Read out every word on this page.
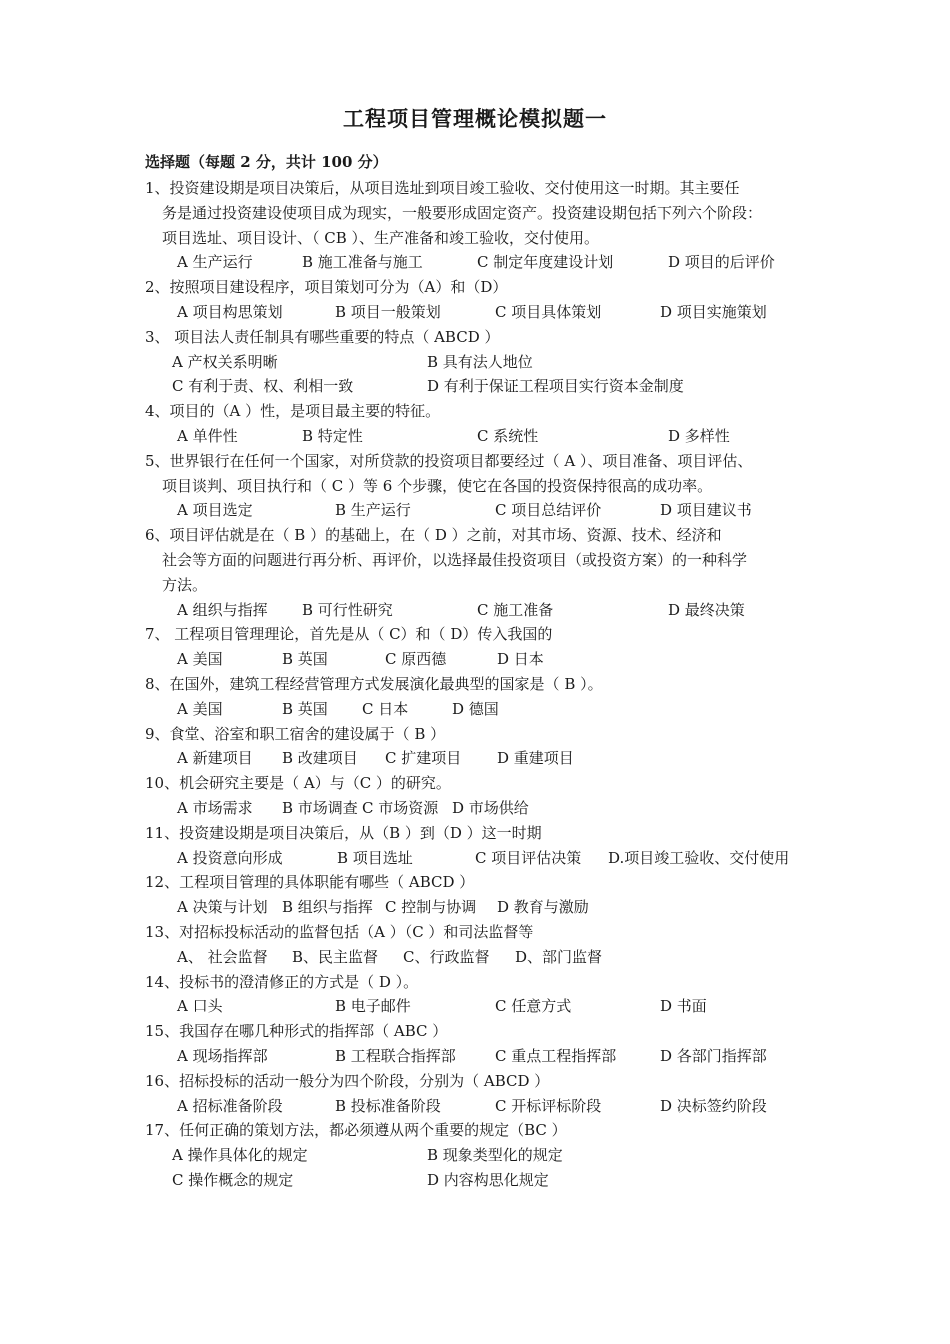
工程项目管理概论模拟题一
选择题（每题 2 分，共计 100 分）
1、投资建设期是项目决策后，从项目选址到项目竣工验收、交付使用这一时期。其主要任
务是通过投资建设使项目成为现实，一般要形成固定资产。投资建设期包括下列六个阶段：
项目选址、项目设计、（ CB ）、生产准备和竣工验收，交付使用。
A 生产运行	B 施工准备与施工	C 制定年度建设计划	D 项目的后评价
2、按照项目建设程序，项目策划可分为（A）和（D）
A 项目构思策划	B 项目一般策划	C 项目具体策划	D 项目实施策划
3、 项目法人责任制具有哪些重要的特点（ ABCD ）
A 产权关系明晰	B 具有法人地位
C 有利于责、权、利相一致	D 有利于保证工程项目实行资本金制度
4、项目的（A ）性，是项目最主要的特征。
A 单件性	B 特定性	C 系统性	D 多样性
5、世界银行在任何一个国家，对所贷款的投资项目都要经过（ A ）、项目准备、项目评估、
项目谈判、项目执行和（ C ）等 6 个步骤，使它在各国的投资保持很高的成功率。
A 项目选定	B 生产运行	C 项目总结评价	D 项目建议书
6、项目评估就是在（ B ）的基础上，在（ D ）之前，对其市场、资源、技术、经济和
社会等方面的问题进行再分析、再评价，以选择最佳投资项目（或投资方案）的一种科学
方法。
A 组织与指挥 B 可行性研究	C 施工准备	D 最终决策
7、 工程项目管理理论，首先是从（ C）和（ D）传入我国的
A 美国	B 英国	C 原西德	D 日本
8、在国外，建筑工程经营管理方式发展演化最典型的国家是（ B ）。
A 美国	B 英国 C 日本	D 德国
9、食堂、浴室和职工宿舍的建设属于（ B ）
A 新建项目 B 改建项目 C 扩建项目 D 重建项目
10、机会研究主要是（ A）与（C ）的研究。
A 市场需求 B 市场调查 C 市场资源 D 市场供给
11、投资建设期是项目决策后，从（B ）到（D ）这一时期
A 投资意向形成	B 项目选址	C 项目评估决策 D.项目竣工验收、交付使用
12、工程项目管理的具体职能有哪些（ ABCD ）
A 决策与计划 B 组织与指挥 C 控制与协调 D 教育与激励
13、对招标投标活动的监督包括（A ）（C ）和司法监督等
A、 社会监督 B、民主监督 C、行政监督 D、部门监督
14、投标书的澄清修正的方式是（ D ）。
A 口头	B 电子邮件	C 任意方式	D 书面
15、我国存在哪几种形式的指挥部（ ABC ）
A 现场指挥部	B 工程联合指挥部	C 重点工程指挥部	D 各部门指挥部
16、招标投标的活动一般分为四个阶段，分别为（ ABCD ）
A 招标准备阶段	B 投标准备阶段	C 开标评标阶段	D 决标签约阶段
17、任何正确的策划方法，都必须遵从两个重要的规定（BC ）
A 操作具体化的规定	B 现象类型化的规定
C 操作概念的规定	D 内容构思化规定
